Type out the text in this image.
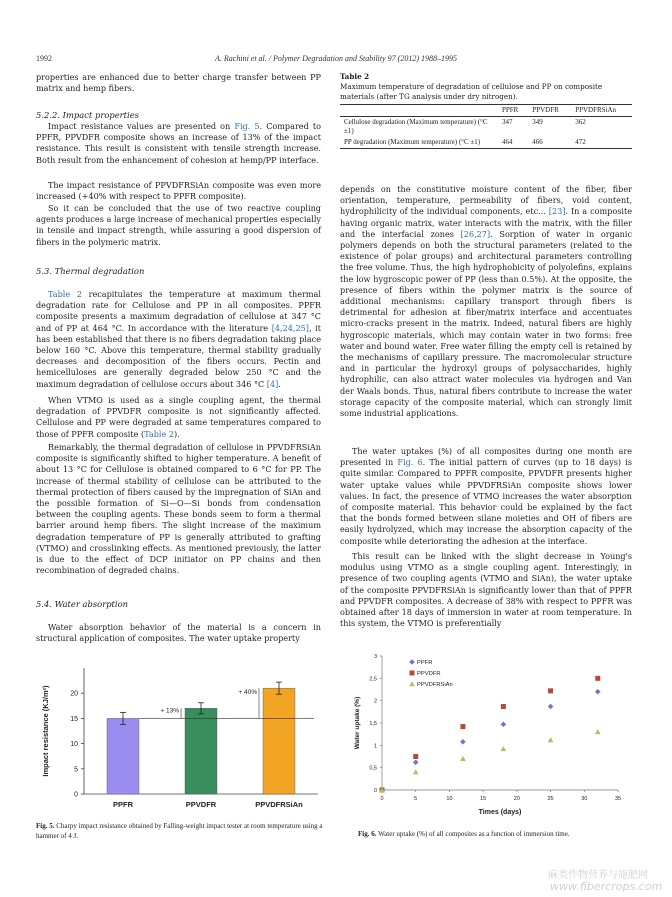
1992	A. Rachini et al. / Polymer Degradation and Stability 97 (2012) 1988–1995

properties are enhanced due to better charge transfer between PP matrix and hemp fibers.

5.2.2. Impact properties

Impact resistance values are presented on Fig. 5. Compared to PPFR, PPVDFR composite shows an increase of 13% of the impact resistance. This result is consistent with tensile strength increase. Both result from the enhancement of cohesion at hemp/PP interface.

The impact resistance of PPVDFRSiAn composite was even more increased (+40% with respect to PPFR composite).

So it can be concluded that the use of two reactive coupling agents produces a large increase of mechanical properties especially in tensile and impact strength, while assuring a good dispersion of fibers in the polymeric matrix.

5.3. Thermal degradation

Table 2 recapitulates the temperature at maximum thermal degradation rate for Cellulose and PP in all composites. PPFR composite presents a maximum degradation of cellulose at 347 °C and of PP at 464 °C. In accordance with the literature [4,24,25], it has been established that there is no fibers degradation taking place below 160 °C. Above this temperature, thermal stability gradually decreases and decomposition of the fibers occurs. Pectin and hemicelluloses are generally degraded below 250 °C and the maximum degradation of cellulose occurs about 346 °C [4].

When VTMO is used as a single coupling agent, the thermal degradation of PPVDFR composite is not significantly affected. Cellulose and PP were degraded at same temperatures compared to those of PPFR composite (Table 2).

Remarkably, the thermal degradation of cellulose in PPVDFRSiAn composite is significantly shifted to higher temperature. A benefit of about 13 °C for Cellulose is obtained compared to 6 °C for PP. The increase of thermal stability of cellulose can be attributed to the thermal protection of fibers caused by the impregnation of SiAn and the possible formation of Si—O—Si bonds from condensation between the coupling agents. These bonds seem to form a thermal barrier around hemp fibers. The slight increase of the maximum degradation temperature of PP is generally attributed to grafting (VTMO) and crosslinking effects. As mentioned previously, the latter is due to the effect of DCP initiator on PP chains and then recombination of degraded chains.

5.4. Water absorption

Water absorption behavior of the material is a concern in structural application of composites. The water uptake property

0
5
10
15
20
Impact resistance (KJ/m²)
PPFR	PPVDFR	PPVDFRSiAn
+ 13%
+ 40%
Fig. 5. Charpy impact resistance obtained by Falling-weight impact tester at room temperature using a hammer of 4 J.
Table 2
Maximum temperature of degradation of cellulose and PP on composite materials (after TG analysis under dry nitrogen).
	PPFR	PPVDFR	PPVDFRSiAn
Cellulose degradation (Maximum temperature) (°C ±1)	347	349	362
PP degradation (Maximum temperature) (°C ±1)	464	466	472

depends on the constitutive moisture content of the fiber, fiber orientation, temperature, permeability of fibers, void content, hydrophilicity of the individual components, etc... [23]. In a composite having organic matrix, water interacts with the matrix, with the filler and the interfacial zones [26,27]. Sorption of water in organic polymers depends on both the structural parameters (related to the existence of polar groups) and architectural parameters controlling the free volume. Thus, the high hydrophobicity of polyolefins, explains the low hygroscopic power of PP (less than 0.5%). At the opposite, the presence of fibers within the polymer matrix is the source of additional mechanisms: capillary transport through fibers is detrimental for adhesion at fiber/matrix interface and accentuates micro-cracks present in the matrix. Indeed, natural fibers are highly hygroscopic materials, which may contain water in two forms: free water and bound water. Free water filling the empty cell is retained by the mechanisms of capillary pressure. The macromolecular structure and in particular the hydroxyl groups of polysaccharides, highly hydrophilic, can also attract water molecules via hydrogen and Van der Waals bonds. Thus, natural fibers contribute to increase the water storage capacity of the composite material, which can strongly limit some industrial applications.

The water uptakes (%) of all composites during one month are presented in Fig. 6. The initial pattern of curves (up to 18 days) is quite similar. Compared to PPFR composite, PPVDFR presents higher water uptake values while PPVDFRSiAn composite shows lower values. In fact, the presence of VTMO increases the water absorption of composite material. This behavior could be explained by the fact that the bonds formed between silane moieties and OH of fibers are easily hydrolyzed, which may increase the absorption capacity of the composite while deteriorating the adhesion at the interface.

This result can be linked with the slight decrease in Young's modulus using VTMO as a single coupling agent. Interestingly, in presence of two coupling agents (VTMO and SiAn), the water uptake of the composite PPVDFRSiAn is significantly lower than that of PPFR and PPVDFR composites. A decrease of 38% with respect to PPFR was obtained after 18 days of immersion in water at room temperature. In this system, the VTMO is preferentially

0
0,5
1
1,5
2
2,5
3
0	5	10	15	20	25	30	35
Times (days)
Water uptake (%)
PPFR
PPVDFR
PPVDFRSiAn
Fig. 6. Water uptake (%) of all composites as a function of immersion time.
麻类作物营养与施肥网
www.fibercrops.com
